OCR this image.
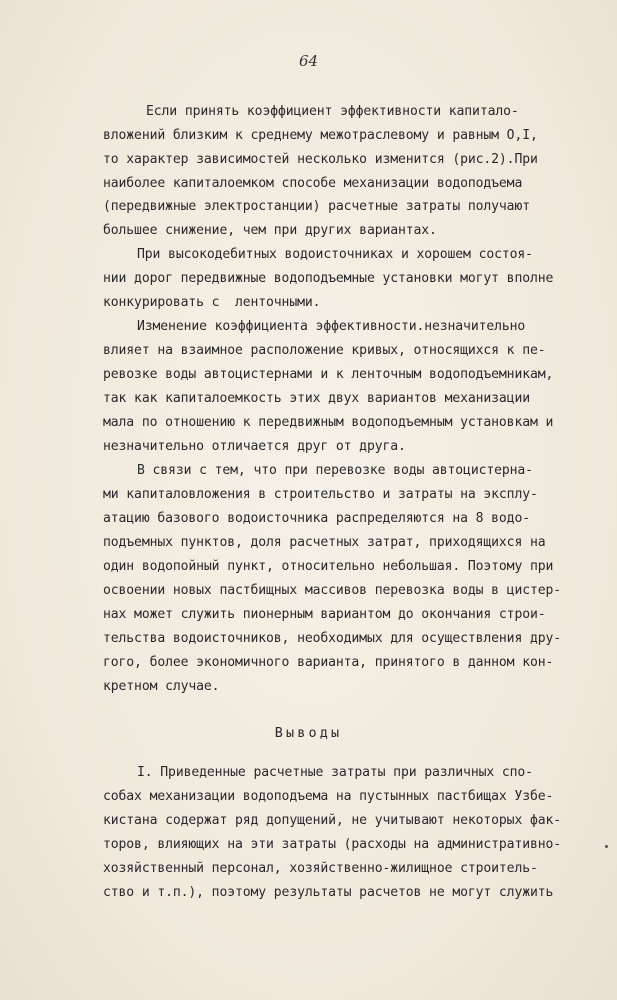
64
Если принять коэффициент эффективности капитало-
вложений близким к среднему межотраслевому и равным О,I,
то характер зависимостей несколько изменится (рис.2).При
наиболее капиталоемком способе механизации водоподъема
(передвижные электростанции) расчетные затраты получают
большее снижение, чем при других вариантах.
При высокодебитных водоисточниках и хорошем состоя-
нии дорог передвижные водоподъемные установки могут вполне
конкурировать с  ленточными.
Изменение коэффициента эффективности.незначительно
влияет на взаимное расположение кривых, относящихся к пе-
ревозке воды автоцистернами и к ленточным водоподъемникам,
так как капиталоемкость этих двух вариантов механизации
мала по отношению к передвижным водоподъемным установкам и
незначительно отличается друг от друга.
В связи с тем, что при перевозке воды автоцистерна-
ми капиталовложения в строительство и затраты на эксплу-
атацию базового водоисточника распределяются на 8 водо-
подъемных пунктов, доля расчетных затрат, приходящихся на
один водопойный пункт, относительно небольшая. Поэтому при
освоении новых пастбищных массивов перевозка воды в цистер-
нах может служить пионерным вариантом до окончания строи-
тельства водоисточников, необходимых для осуществления дру-
гого, более экономичного варианта, принятого в данном кон-
кретном случае.
Выводы
I. Приведенные расчетные затраты при различных спо-
собах механизации водоподъема на пустынных пастбищах Узбе-
кистана содержат ряд допущений, не учитывают некоторых фак-
торов, влияющих на эти затраты (расходы на административно-
хозяйственный персонал, хозяйственно-жилищное строитель-
ство и т.п.), поэтому результаты расчетов не могут служить
